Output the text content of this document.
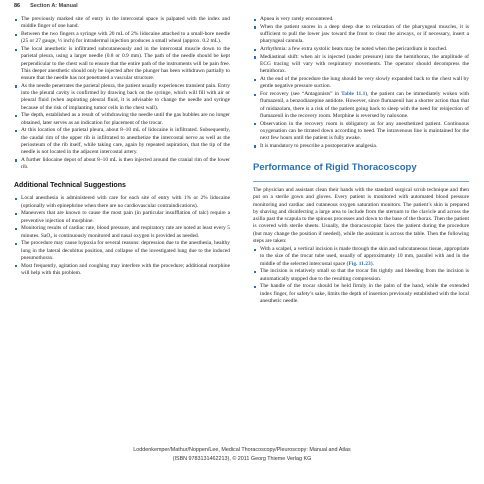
86 Section A: Manual
The previously marked site of entry in the intercostal space is palpated with the index and middle finger of one hand.
Between the two fingers a syringe with 20 mL of 2% lidocaine attached to a small-bore needle (25 or 27 gauge, ½ inch) for intradermal injection produces a small wheal (approx. 0.2 mL).
The local anesthetic is infiltrated subcutaneously and in the intercostal muscle down to the parietal pleura, using a larger needle (0.8 or 0.9 mm). The path of the needle should be kept perpendicular to the chest wall to ensure that the entire path of the instruments will be pain free. This deeper anesthetic should only be injected after the plunger has been withdrawn partially to ensure that the needle has not penetrated a vascular structure.
As the needle penetrates the parietal pleura, the patient usually experiences transient pain. Entry into the pleural cavity is confirmed by drawing back on the syringe, which will fill with air or pleural fluid (when aspirating pleural fluid, it is advisable to change the needle and syringe because of the risk of implanting tumor cells in the chest wall).
The depth, established as a result of withdrawing the needle until the gas bubbles are no longer obtained, later serves as an indication for placement of the trocar.
At this location of the parietal pleura, about 8–10 mL of lidocaine is infiltrated. Subsequently, the caudal rim of the upper rib is infiltrated to anesthetize the intercostal nerve as well as the periosteum of the rib itself, while taking care, again by repeated aspiration, that the tip of the needle is not located in the adjacent intercostal artery.
A further lidocaine depot of about 8–10 mL is then injected around the cranial rim of the lower rib.
Additional Technical Suggestions
Local anesthesia is administered with care for each site of entry with 1% or 2% lidocaine (optionally with epinephrine when there are no cardiovascular contraindications).
Maneuvers that are known to cause the most pain (in particular insufflation of talc) require a preventive injection of morphine.
Monitoring results of cardiac rate, blood pressure, and respiratory rate are noted at least every 5 minutes. SaO₂ is continuously monitored and nasal oxygen is provided as needed.
The procedure may cause hypoxia for several reasons: depression due to the anesthesia, healthy lung in the lateral decubitus position, and collapse of the investigated lung due to the induced pneumothorax.
Most frequently, agitation and coughing may interfere with the procedure; additional morphine will help with this problem.
Apnea is very rarely encountered.
When the patient snores in a deep sleep due to relaxation of the pharyngeal muscles, it is sufficient to pull the lower jaw toward the front to clear the airways, or if necessary, insert a pharyngeal cannula.
Arrhythmia: a few extra systolic beats may be noted when the pericardium is touched.
Mediastinal shift: when air is injected (under pressure) into the hemithorax, the amplitude of ECG tracing will vary with respiratory movements. The operator should decompress the hemithorax.
At the end of the procedure the lung should be very slowly expanded back to the chest wall by gentle negative pressure suction.
For recovery (see “Antagonists” in Table 11.1), the patient can be immediately woken with flumazenil, a benzodiazepine antidote. However, since flumazenil has a shorter action than that of midazolam, there is a risk of the patient going back to sleep with the need for reinjection of flumazenil in the recovery room. Morphine is reversed by naloxone.
Observation in the recovery room is obligatory as for any anesthetized patient. Continuous oxygenation can be titrated down according to need. The intravenous line is maintained for the next few hours until the patient is fully awake.
It is mandatory to prescribe a postoperative analgesia.
Performance of Rigid Thoracoscopy

The physician and assistant clean their hands with the standard surgical scrub technique and then put on a sterile gown and gloves. Every patient is monitored with automated blood pressure monitoring and cardiac and cutaneous oxygen saturation monitors. The patient’s skin is prepared by shaving and disinfecting a large area to include from the sternum to the clavicle and across the axilla past the scapula to the spinous processes and down to the base of the thorax. Then the patient is covered with sterile sheets. Usually, the thoracoscopist faces the patient during the procedure (but may change the position if needed), while the assistant is across the table. Then the following steps are taken:

With a scalpel, a vertical incision is made through the skin and subcutaneous tissue, appropriate to the size of the trocar tube used, usually of approximately 10 mm, parallel with and in the middle of the selected intercostal space (Fig. 11.23).
The incision is relatively small so that the trocar fits tightly and bleeding from the incision is automatically stopped due to the resulting compression.
The handle of the trocar should be held firmly in the palm of the hand, while the extended index finger, for safety’s sake, limits the depth of insertion previously established with the local anesthetic needle.
Loddenkemper/Mathur/Noppen/Lee, Medical Thoracoscopy/Pleuroscopy: Manual and Atlas
(ISBN 9783131462213), © 2011 Georg Thieme Verlag KG
